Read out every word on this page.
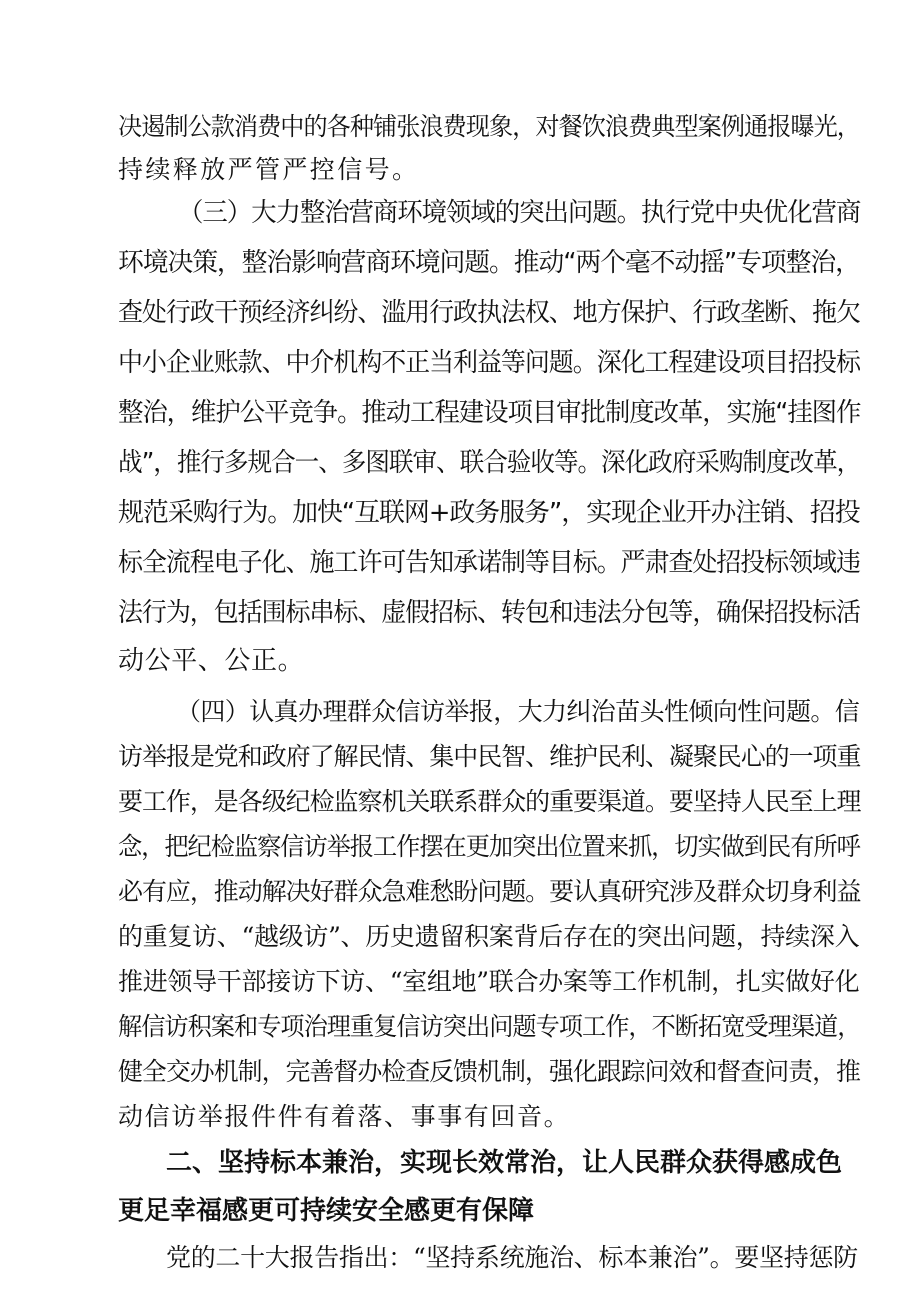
决遏制公款消费中的各种铺张浪费现象，对餐饮浪费典型案例通报曝光，

持续释放严管严控信号。

（三）大力整治营商环境领域的突出问题。执行党中央优化营商

环境决策，整治影响营商环境问题。推动“两个毫不动摇”专项整治，

查处行政干预经济纠纷、滥用行政执法权、地方保护、行政垄断、拖欠

中小企业账款、中介机构不正当利益等问题。深化工程建设项目招投标

整治，维护公平竞争。推动工程建设项目审批制度改革，实施“挂图作

战”，推行多规合一、多图联审、联合验收等。深化政府采购制度改革，

规范采购行为。加快“互联网+政务服务”，实现企业开办注销、招投

标全流程电子化、施工许可告知承诺制等目标。严肃查处招投标领域违

法行为，包括围标串标、虚假招标、转包和违法分包等，确保招投标活

动公平、公正。

（四）认真办理群众信访举报，大力纠治苗头性倾向性问题。信

访举报是党和政府了解民情、集中民智、维护民利、凝聚民心的一项重

要工作，是各级纪检监察机关联系群众的重要渠道。要坚持人民至上理

念，把纪检监察信访举报工作摆在更加突出位置来抓，切实做到民有所呼

必有应，推动解决好群众急难愁盼问题。要认真研究涉及群众切身利益

的重复访、“越级访”、历史遗留积案背后存在的突出问题，持续深入

推进领导干部接访下访、“室组地”联合办案等工作机制，扎实做好化

解信访积案和专项治理重复信访突出问题专项工作，不断拓宽受理渠道，

健全交办机制，完善督办检查反馈机制，强化跟踪问效和督查问责，推

动信访举报件件有着落、事事有回音。

二、坚持标本兼治，实现长效常治，让人民群众获得感成色

更足幸福感更可持续安全感更有保障

党的二十大报告指出：“坚持系统施治、标本兼治”。要坚持惩防
